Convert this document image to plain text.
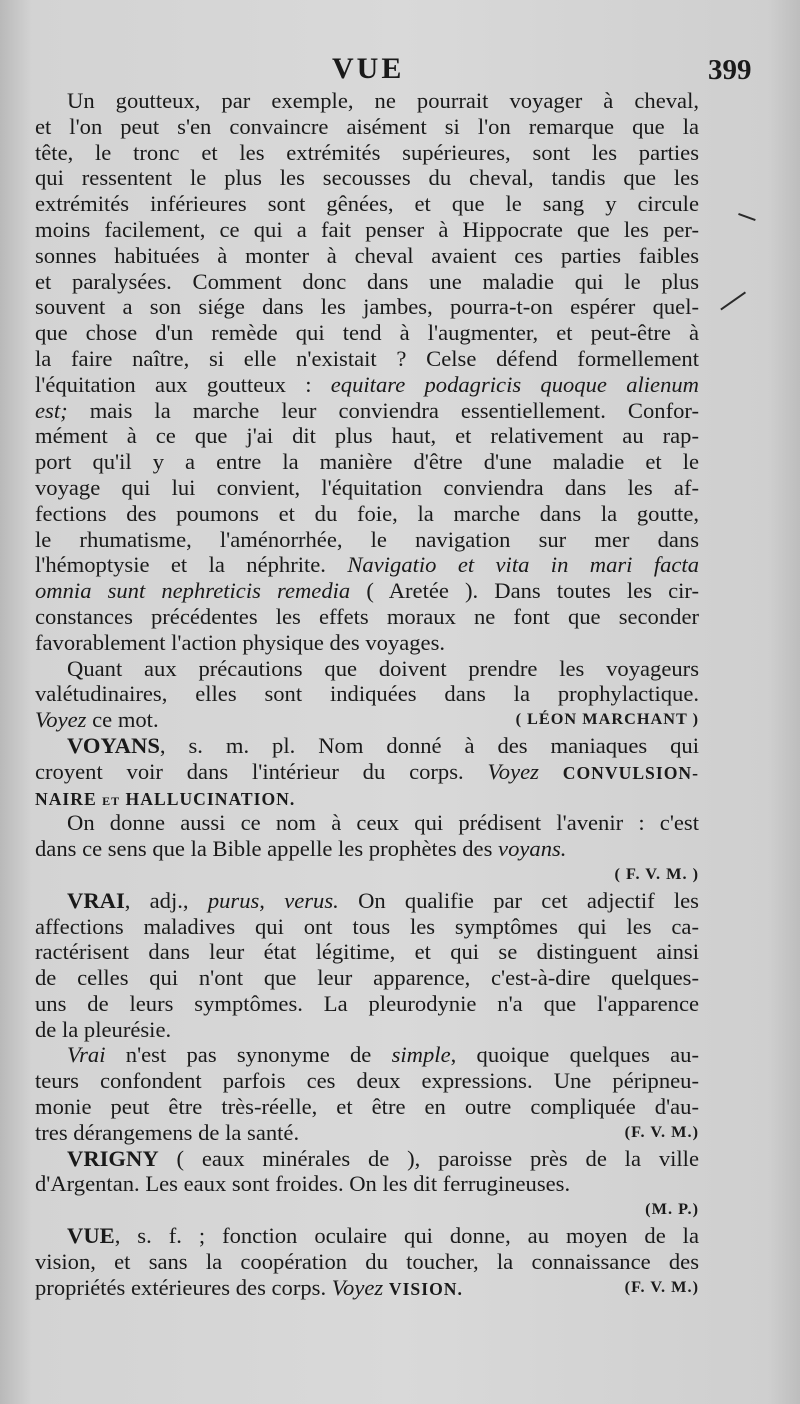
VUE	399
Un goutteux, par exemple, ne pourrait voyager à cheval,
et l'on peut s'en convaincre aisément si l'on remarque que la
tête, le tronc et les extrémités supérieures, sont les parties
qui ressentent le plus les secousses du cheval, tandis que les
extrémités inférieures sont gênées, et que le sang y circule
moins facilement, ce qui a fait penser à Hippocrate que les per-
sonnes habituées à monter à cheval avaient ces parties faibles
et paralysées. Comment donc dans une maladie qui le plus
souvent a son siége dans les jambes, pourra-t-on espérer quel-
que chose d'un remède qui tend à l'augmenter, et peut-être à
la faire naître, si elle n'existait ? Celse défend formellement
l'équitation aux goutteux : equitare podagricis quoque alienum
est; mais la marche leur conviendra essentiellement. Confor-
mément à ce que j'ai dit plus haut, et relativement au rap-
port qu'il y a entre la manière d'être d'une maladie et le
voyage qui lui convient, l'équitation conviendra dans les af-
fections des poumons et du foie, la marche dans la goutte,
le rhumatisme, l'aménorrhée, le navigation sur mer dans
l'hémoptysie et la néphrite. Navigatio et vita in mari facta
omnia sunt nephreticis remedia ( Aretée ). Dans toutes les cir-
constances précédentes les effets moraux ne font que seconder
favorablement l'action physique des voyages.
Quant aux précautions que doivent prendre les voyageurs
valétudinaires, elles sont indiquées dans la prophylactique.
Voyez ce mot.	( LÉON MARCHANT )
VOYANS, s. m. pl. Nom donné à des maniaques qui
croyent voir dans l'intérieur du corps. Voyez CONVULSION-
NAIRE et HALLUCINATION.
On donne aussi ce nom à ceux qui prédisent l'avenir : c'est
dans ce sens que la Bible appelle les prophètes des voyans.
( F. V. M. )
VRAI, adj., purus, verus. On qualifie par cet adjectif les
affections maladives qui ont tous les symptômes qui les ca-
ractérisent dans leur état légitime, et qui se distinguent ainsi
de celles qui n'ont que leur apparence, c'est-à-dire quelques-
uns de leurs symptômes. La pleurodynie n'a que l'apparence
de la pleurésie.
Vrai n'est pas synonyme de simple, quoique quelques au-
teurs confondent parfois ces deux expressions. Une péripneu-
monie peut être très-réelle, et être en outre compliquée d'au-
tres dérangemens de la santé.	(F. V. M.)
VRIGNY ( eaux minérales de ), paroisse près de la ville
d'Argentan. Les eaux sont froides. On les dit ferrugineuses.
(M. P.)
VUE, s. f. ; fonction oculaire qui donne, au moyen de la
vision, et sans la coopération du toucher, la connaissance des
propriétés extérieures des corps. Voyez VISION.	(F. V. M.)
